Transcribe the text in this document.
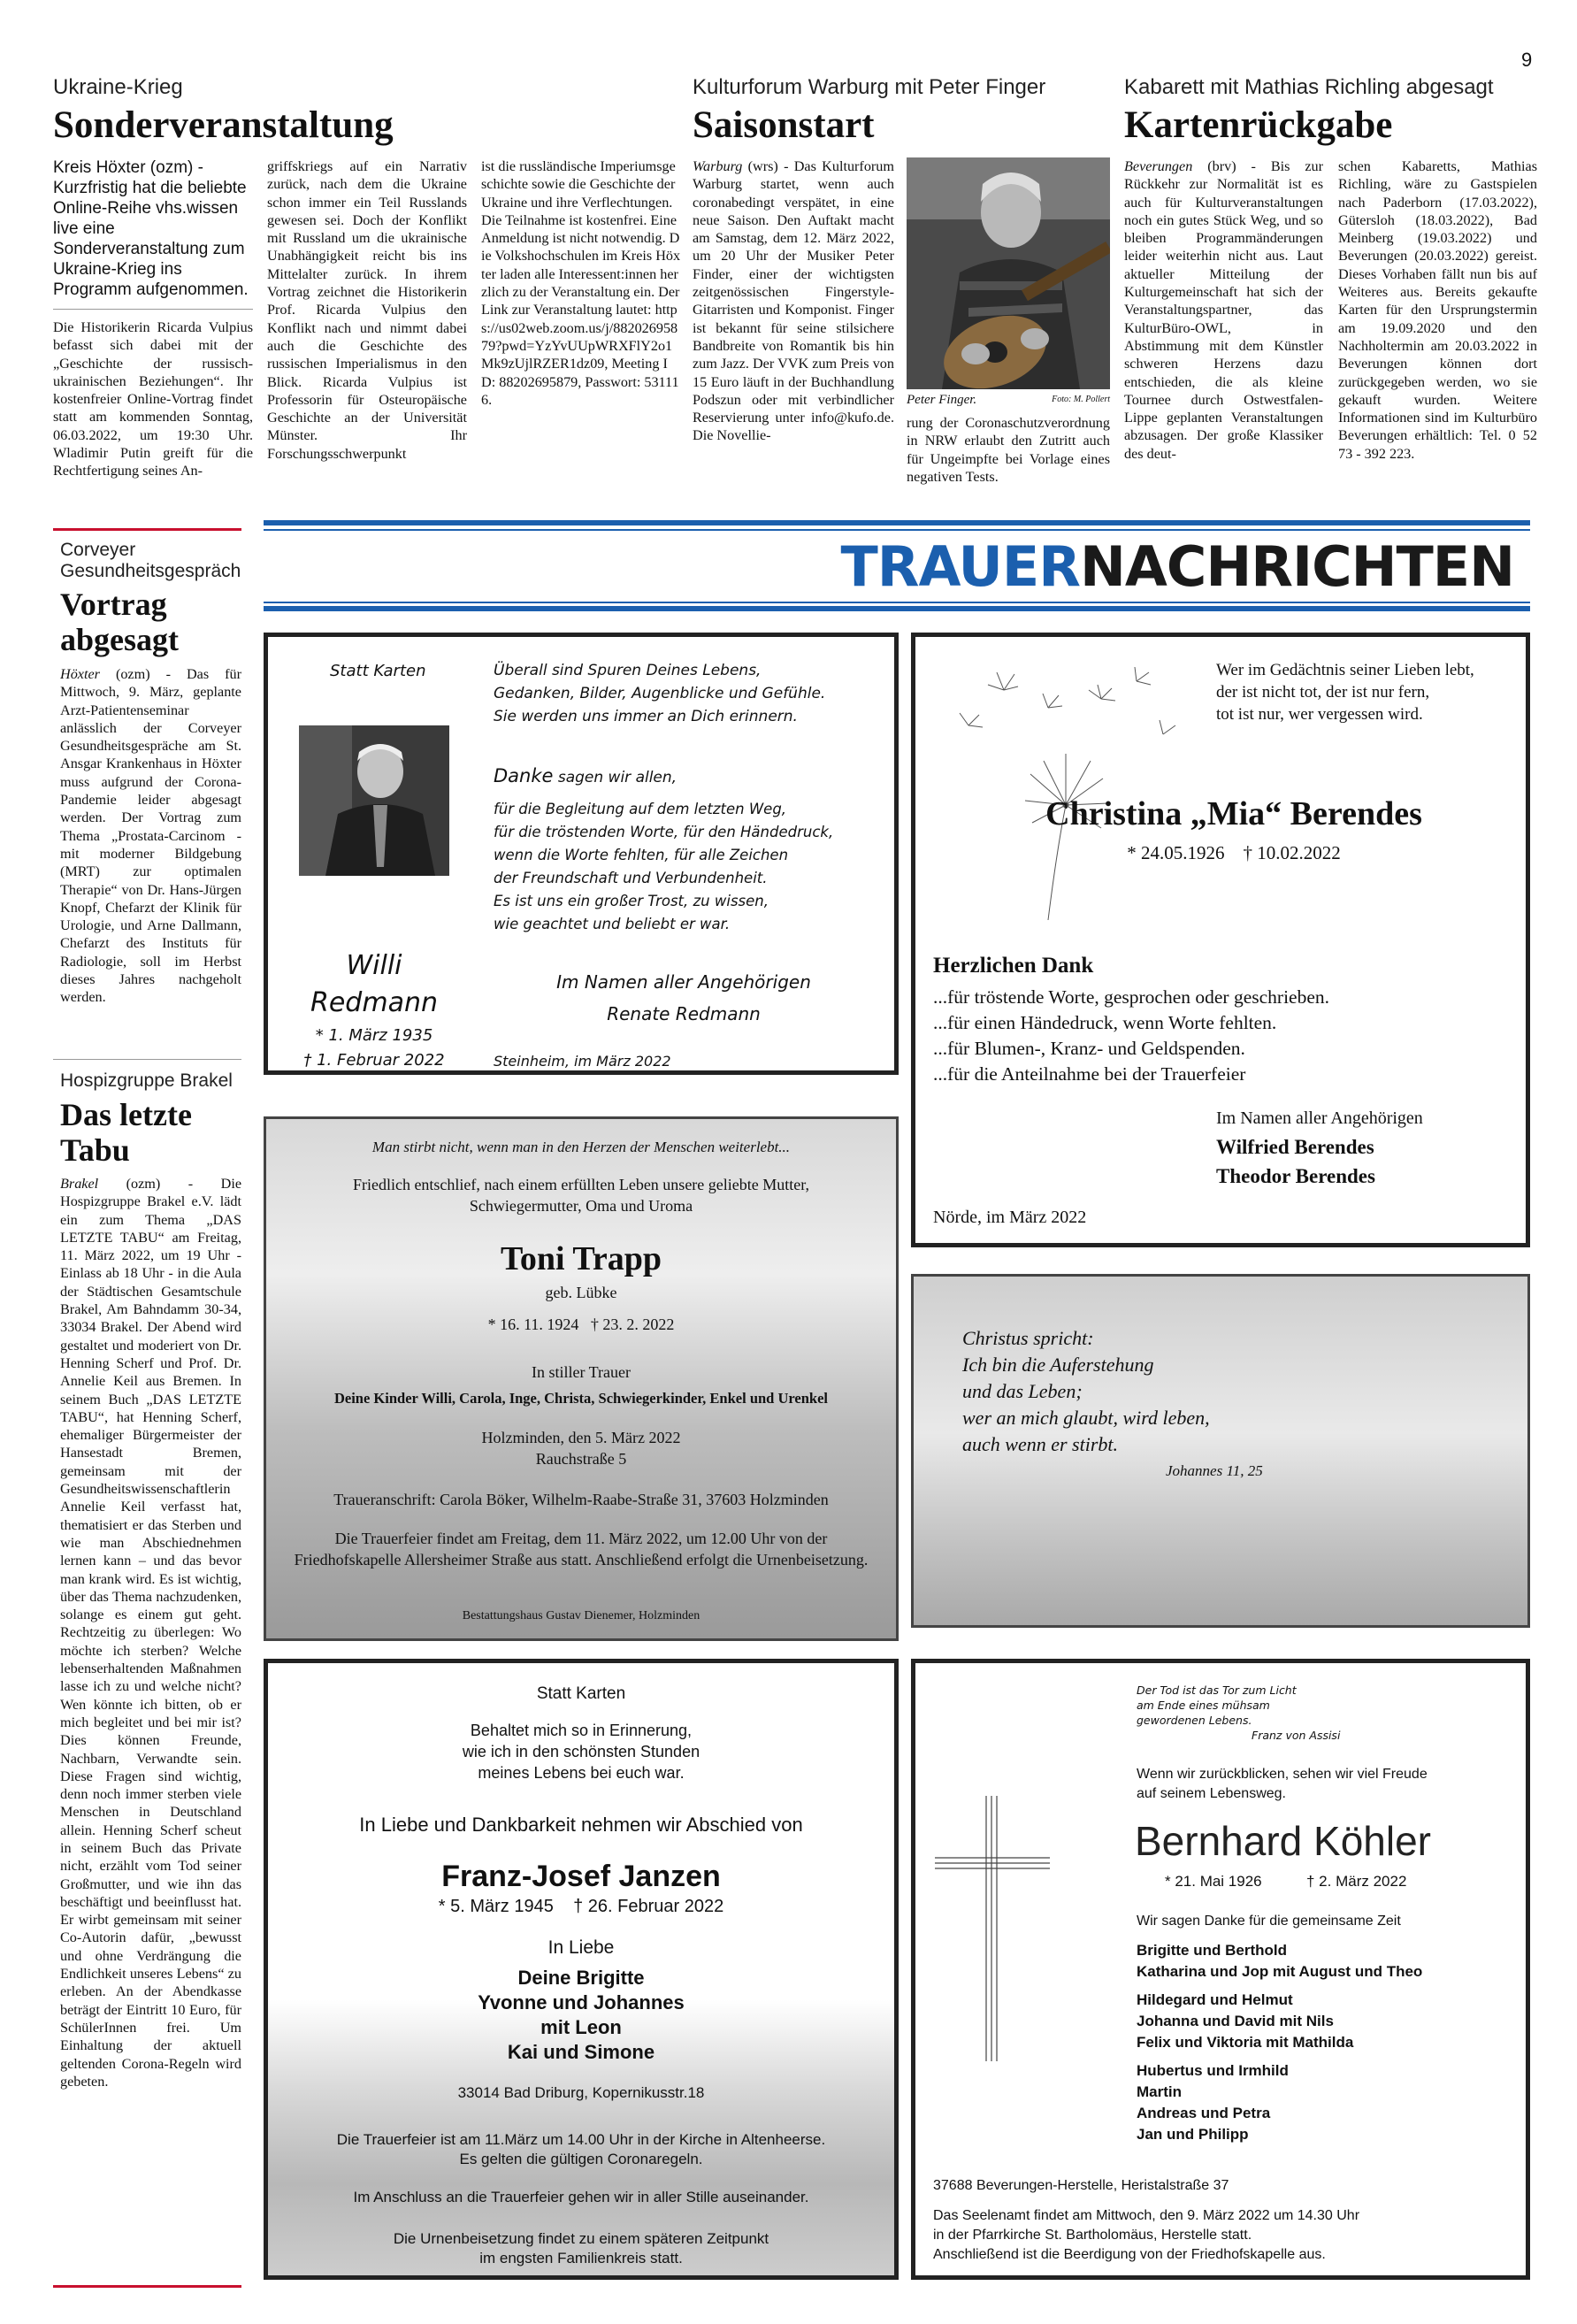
9
Ukraine-Krieg
Sonderveranstaltung

Kreis Höxter (ozm) - Kurzfristig hat die beliebte Online-Reihe vhs.wissen live eine Sonderveranstaltung zum Ukraine-Krieg ins Programm aufgenommen.

Die Historikerin Ricarda Vulpius befasst sich dabei mit der „Geschichte der russisch-ukrainischen Beziehungen“. Ihr kostenfreier Online-Vortrag findet statt am kommenden Sonntag, 06.03.2022, um 19:30 Uhr. Wladimir Putin greift für die Rechtfertigung seines An-

griffskriegs auf ein Narrativ zurück, nach dem die Ukraine schon immer ein Teil Russlands gewesen sei. Doch der Konflikt mit Russland um die ukrainische Unabhängigkeit reicht bis ins Mittelalter zurück. In ihrem Vortrag zeichnet die Historikerin Prof. Ricarda Vulpius den Konflikt nach und nimmt dabei auch die Geschichte des russischen Imperialismus in den Blick. Ricarda Vulpius ist Professorin für Osteuropäische Geschichte an der Universität Münster. Ihr Forschungsschwerpunkt

ist die russländische Imperiumsgeschichte sowie die Geschichte der Ukraine und ihre Verflechtungen. Die Teilnahme ist kostenfrei. Eine Anmeldung ist nicht notwendig. Die Volkshochschulen im Kreis Höxter laden alle Interessent:innen herzlich zu der Veranstaltung ein. Der Link zur Veranstaltung lautet: https://us02web.zoom.us/j/88202695879?pwd=YzYvUUpWRXFlY2o1Mk9zUjlRZER1dz09, Meeting ID: 88202695879, Passwort: 531116.

Kulturforum Warburg mit Peter Finger
Saisonstart

Warburg (wrs) - Das Kulturforum Warburg startet, wenn auch coronabedingt verspätet, in eine neue Saison. Den Auftakt macht am Samstag, dem 12. März 2022, um 20 Uhr der Musiker Peter Finder, einer der wichtigsten zeitgenössischen Fingerstyle-Gitarristen und Komponist. Finger ist bekannt für seine stilsichere Bandbreite von Romantik bis hin zum Jazz. Der VVK zum Preis von 15 Euro läuft in der Buchhandlung Podszun oder mit verbindlicher Reservierung unter info@kufo.de. Die Novellie-

Peter Finger.	Foto: M. Pollert

rung der Coronaschutzverordnung in NRW erlaubt den Zutritt auch für Ungeimpfte bei Vorlage eines negativen Tests.

Kabarett mit Mathias Richling abgesagt
Kartenrückgabe

Beverungen (brv) - Bis zur Rückkehr zur Normalität ist es auch für Kulturveranstaltungen noch ein gutes Stück Weg, und so bleiben Programmänderungen leider weiterhin nicht aus. Laut aktueller Mitteilung der Kulturgemeinschaft hat sich der Veranstaltungspartner, das KulturBüro-OWL, in Abstimmung mit dem Künstler schweren Herzens dazu entschieden, die als kleine Tournee durch Ostwestfalen-Lippe geplanten Veranstaltungen abzusagen. Der große Klassiker des deut-

schen Kabaretts, Mathias Richling, wäre zu Gastspielen nach Paderborn (17.03.2022), Gütersloh (18.03.2022), Bad Meinberg (19.03.2022) und Beverungen (20.03.2022) gereist. Dieses Vorhaben fällt nun bis auf Weiteres aus. Bereits gekaufte Karten für den Ursprungstermin am 19.09.2020 und den Nachholtermin am 20.03.2022 in Beverungen können dort zurückgegeben werden, wo sie gekauft wurden. Weitere Informationen sind im Kulturbüro Beverungen erhältlich: Tel. 0 52 73 - 392 223.

Corveyer Gesundheitsgespräch
Vortrag abgesagt

Höxter (ozm) - Das für Mittwoch, 9. März, geplante Arzt-Patientenseminar anlässlich der Corveyer Gesundheitsgespräche am St. Ansgar Krankenhaus in Höxter muss aufgrund der Corona-Pandemie leider abgesagt werden. Der Vortrag zum Thema „Prostata-Carcinom - mit moderner Bildgebung (MRT) zur optimalen Therapie“ von Dr. Hans-Jürgen Knopf, Chefarzt der Klinik für Urologie, und Arne Dallmann, Chefarzt des Instituts für Radiologie, soll im Herbst dieses Jahres nachgeholt werden.

Hospizgruppe Brakel
Das letzte Tabu

Brakel (ozm) - Die Hospizgruppe Brakel e.V. lädt ein zum Thema „DAS LETZTE TABU“ am Freitag, 11. März 2022, um 19 Uhr - Einlass ab 18 Uhr - in die Aula der Städtischen Gesamtschule Brakel, Am Bahndamm 30-34, 33034 Brakel. Der Abend wird gestaltet und moderiert von Dr. Henning Scherf und Prof. Dr. Annelie Keil aus Bremen. In seinem Buch „DAS LETZTE TABU“, hat Henning Scherf, ehemaliger Bürgermeister der Hansestadt Bremen, gemeinsam mit der Gesundheitswissenschaftlerin Annelie Keil verfasst hat, thematisiert er das Sterben und wie man Abschiednehmen lernen kann – und das bevor man krank wird. Es ist wichtig, über das Thema nachzudenken, solange es einem gut geht. Rechtzeitig zu überlegen: Wo möchte ich sterben? Welche lebenserhaltenden Maßnahmen lasse ich zu und welche nicht? Wen könnte ich bitten, ob er mich begleitet und bei mir ist? Dies können Freunde, Nachbarn, Verwandte sein. Diese Fragen sind wichtig, denn noch immer sterben viele Menschen in Deutschland allein. Henning Scherf scheut in seinem Buch das Private nicht, erzählt vom Tod seiner Großmutter, und wie ihn das beschäftigt und beeinflusst hat. Er wirbt gemeinsam mit seiner Co-Autorin dafür, „bewusst und ohne Verdrängung die Endlichkeit unseres Lebens“ zu erleben. An der Abendkasse beträgt der Eintritt 10 Euro, für SchülerInnen frei. Um Einhaltung der aktuell geltenden Corona-Regeln wird gebeten.

TRAUERNACHRICHTEN
Statt Karten
Willi
Redmann
* 1. März 1935
† 1. Februar 2022
Überall sind Spuren Deines Lebens,
Gedanken, Bilder, Augenblicke und Gefühle.
Sie werden uns immer an Dich erinnern.
Danke sagen wir allen,
für die Begleitung auf dem letzten Weg,
für die tröstenden Worte, für den Händedruck,
wenn die Worte fehlten, für alle Zeichen
der Freundschaft und Verbundenheit.
Es ist uns ein großer Trost, zu wissen,
wie geachtet und beliebt er war.
Im Namen aller Angehörigen
Renate Redmann
Steinheim, im März 2022
Wer im Gedächtnis seiner Lieben lebt,
der ist nicht tot, der ist nur fern,
tot ist nur, wer vergessen wird.
Christina „Mia“ Berendes
* 24.05.1926    † 10.02.2022
Herzlichen Dank
...für tröstende Worte, gesprochen oder geschrieben.
...für einen Händedruck, wenn Worte fehlten.
...für Blumen-, Kranz- und Geldspenden.
...für die Anteilnahme bei der Trauerfeier
Im Namen aller Angehörigen
Wilfried Berendes
Theodor Berendes
Nörde, im März 2022
Man stirbt nicht, wenn man in den Herzen der Menschen weiterlebt...
Friedlich entschlief, nach einem erfüllten Leben unsere geliebte Mutter, Schwiegermutter, Oma und Uroma
Toni Trapp
geb. Lübke
* 16. 11. 1924   † 23. 2. 2022
In stiller Trauer
Deine Kinder Willi, Carola, Inge, Christa, Schwiegerkinder, Enkel und Urenkel
Holzminden, den 5. März 2022
Rauchstraße 5
Traueranschrift: Carola Böker, Wilhelm-Raabe-Straße 31, 37603 Holzminden
Die Trauerfeier findet am Freitag, dem 11. März 2022, um 12.00 Uhr von der Friedhofskapelle Allersheimer Straße aus statt. Anschließend erfolgt die Urnenbeisetzung.
Bestattungshaus Gustav Dienemer, Holzminden
Christus spricht:
Ich bin die Auferstehung
und das Leben;
wer an mich glaubt, wird leben,
auch wenn er stirbt.
Johannes 11, 25
Statt Karten
Behaltet mich so in Erinnerung,
wie ich in den schönsten Stunden
meines Lebens bei euch war.
In Liebe und Dankbarkeit nehmen wir Abschied von
Franz-Josef Janzen
* 5. März 1945    † 26. Februar 2022
In Liebe
Deine Brigitte
Yvonne und Johannes
mit Leon
Kai und Simone
33014 Bad Driburg, Kopernikusstr.18
Die Trauerfeier ist am 11.März um 14.00 Uhr in der Kirche in Altenheerse.
Es gelten die gültigen Coronaregeln.
Im Anschluss an die Trauerfeier gehen wir in aller Stille auseinander.
Die Urnenbeisetzung findet zu einem späteren Zeitpunkt
im engsten Familienkreis statt.
Der Tod ist das Tor zum Licht
am Ende eines mühsam
gewordenen Lebens.
Franz von Assisi
Wenn wir zurückblicken, sehen wir viel Freude
auf seinem Lebensweg.
Bernhard Köhler
* 21. Mai 1926	† 2. März 2022
Wir sagen Danke für die gemeinsame Zeit
Brigitte und Berthold
Katharina und Jop mit August und Theo
Hildegard und Helmut
Johanna und David mit Nils
Felix und Viktoria mit Mathilda
Hubertus und Irmhild
Martin
Andreas und Petra
Jan und Philipp
37688 Beverungen-Herstelle, Heristalstraße 37
Das Seelenamt findet am Mittwoch, den 9. März 2022 um 14.30 Uhr
in der Pfarrkirche St. Bartholomäus, Herstelle statt.
Anschließend ist die Beerdigung von der Friedhofskapelle aus.
